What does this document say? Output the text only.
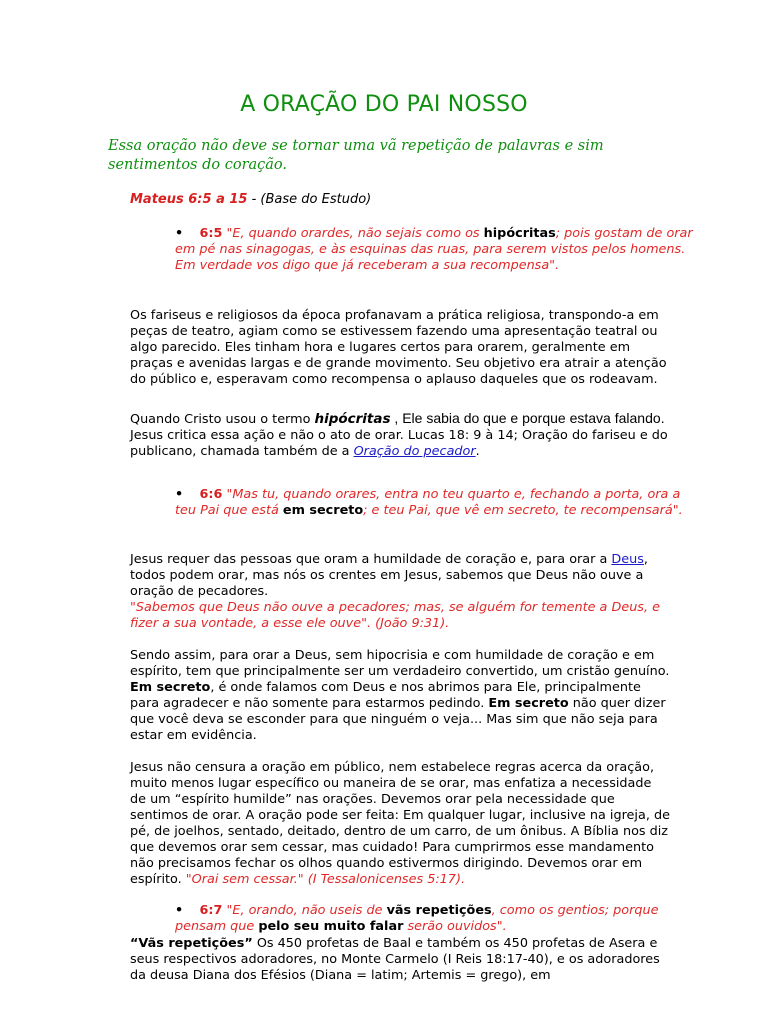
A ORAÇÃO DO PAI NOSSO
Essa oração não deve se tornar uma vã repetição de palavras e sim sentimentos do coração.
Mateus 6:5 a 15 - (Base do Estudo)

• 6:5 "E, quando orardes, não sejais como os hipócritas; pois gostam de orar em pé nas sinagogas, e às esquinas das ruas, para serem vistos pelos homens. Em verdade vos digo que já receberam a sua recompensa".

Os fariseus e religiosos da época profanavam a prática religiosa, transpondo-a em peças de teatro, agiam como se estivessem fazendo uma apresentação teatral ou algo parecido. Eles tinham hora e lugares certos para orarem, geralmente em praças e avenidas largas e de grande movimento. Seu objetivo era atrair a atenção do público e, esperavam como recompensa o aplauso daqueles que os rodeavam.

Quando Cristo usou o termo hipócritas , Ele sabia do que e porque estava falando. Jesus critica essa ação e não o ato de orar. Lucas 18: 9 à 14; Oração do fariseu e do publicano, chamada também de a Oração do pecador.

• 6:6 "Mas tu, quando orares, entra no teu quarto e, fechando a porta, ora a teu Pai que está em secreto; e teu Pai, que vê em secreto, te recompensará".

Jesus requer das pessoas que oram a humildade de coração e, para orar a Deus, todos podem orar, mas nós os crentes em Jesus, sabemos que Deus não ouve a oração de pecadores.
"Sabemos que Deus não ouve a pecadores; mas, se alguém for temente a Deus, e fizer a sua vontade, a esse ele ouve". (João 9:31).

Sendo assim, para orar a Deus, sem hipocrisia e com humildade de coração e em espírito, tem que principalmente ser um verdadeiro convertido, um cristão genuíno. Em secreto, é onde falamos com Deus e nos abrimos para Ele, principalmente para agradecer e não somente para estarmos pedindo. Em secreto não quer dizer que você deva se esconder para que ninguém o veja... Mas sim que não seja para estar em evidência.

Jesus não censura a oração em público, nem estabelece regras acerca da oração, muito menos lugar específico ou maneira de se orar, mas enfatiza a necessidade de um “espírito humilde” nas orações. Devemos orar pela necessidade que sentimos de orar. A oração pode ser feita: Em qualquer lugar, inclusive na igreja, de pé, de joelhos, sentado, deitado, dentro de um carro, de um ônibus. A Bíblia nos diz que devemos orar sem cessar, mas cuidado! Para cumprirmos esse mandamento não precisamos fechar os olhos quando estivermos dirigindo. Devemos orar em espírito. "Orai sem cessar." (I Tessalonicenses 5:17).

• 6:7 "E, orando, não useis de vãs repetições, como os gentios; porque pensam que pelo seu muito falar serão ouvidos".

“Vãs repetições” Os 450 profetas de Baal e também os 450 profetas de Asera e seus respectivos adoradores, no Monte Carmelo (I Reis 18:17-40), e os adoradores da deusa Diana dos Efésios (Diana = latim; Artemis = grego), em
